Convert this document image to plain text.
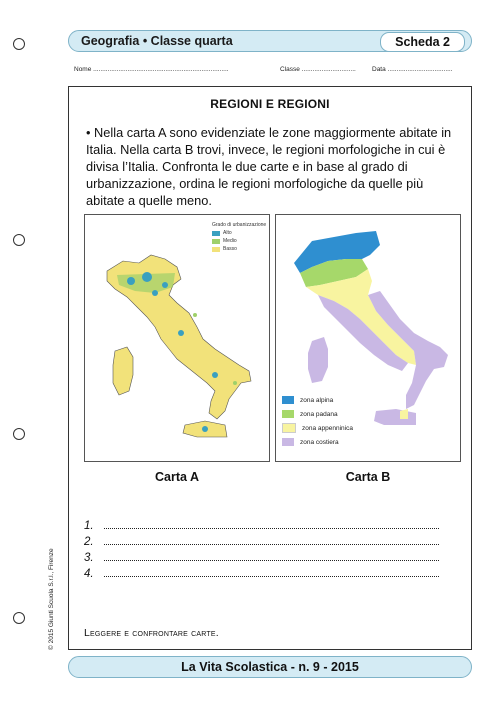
Geografia • Classe quarta	Scheda 2
Nome ...........................................................................	Classe .............................. Data ....................................
REGIONI E REGIONI
• Nella carta A sono evidenziate le zone maggiormente abitate in Italia. Nella carta B trovi, invece, le regioni morfologiche in cui è divisa l’Italia. Confronta le due carte e in base al grado di urbanizzazione, ordina le regioni morfologiche da quelle più abitate a quelle meno.
Grado di urbanizzazione
Alto
Medio
Basso
zona alpina
zona padana
zona appenninica
zona costiera
Carta A	Carta B
1.
2.
3.
4.
Leggere e confrontare carte.
© 2015 Giunti Scuola S.r.l., Firenze
La Vita Scolastica - n. 9 - 2015
